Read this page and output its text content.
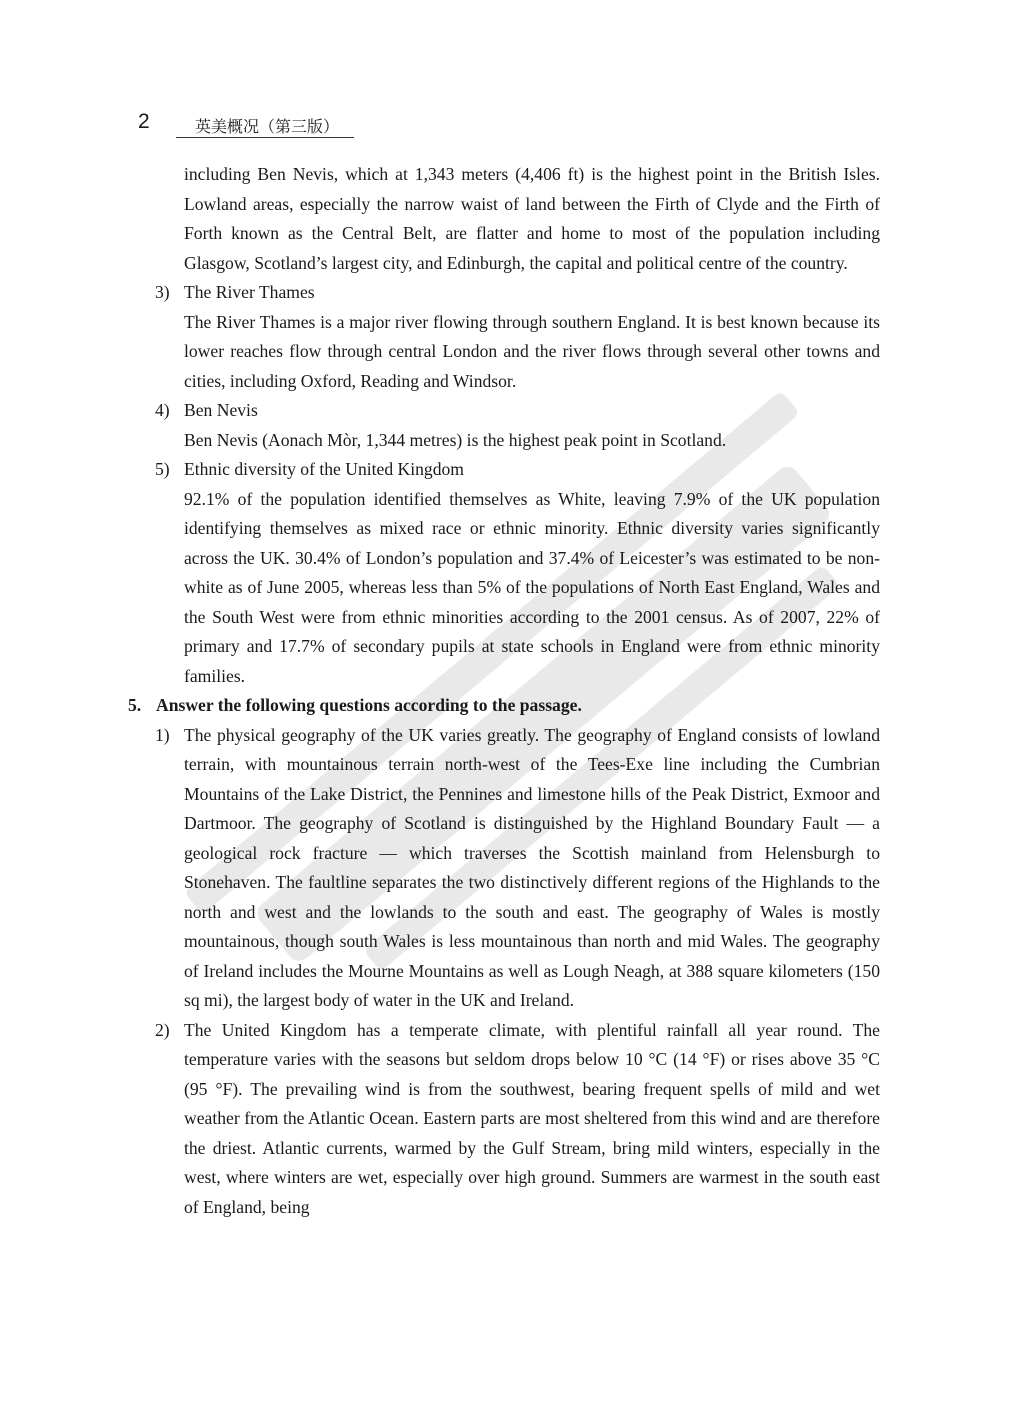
2	英美概况（第三版）

including Ben Nevis, which at 1,343 meters (4,406 ft) is the highest point in the British Isles. Lowland areas, especially the narrow waist of land between the Firth of Clyde and the Firth of Forth known as the Central Belt, are flatter and home to most of the population including Glasgow, Scotland’s largest city, and Edinburgh, the capital and political centre of the country.

3) The River Thames

The River Thames is a major river flowing through southern England. It is best known because its lower reaches flow through central London and the river flows through several other towns and cities, including Oxford, Reading and Windsor.

4) Ben Nevis

Ben Nevis (Aonach Mòr, 1,344 metres) is the highest peak point in Scotland.

5) Ethnic diversity of the United Kingdom

92.1% of the population identified themselves as White, leaving 7.9% of the UK population identifying themselves as mixed race or ethnic minority. Ethnic diversity varies significantly across the UK. 30.4% of London’s population and 37.4% of Leicester’s was estimated to be non-white as of June 2005, whereas less than 5% of the populations of North East England, Wales and the South West were from ethnic minorities according to the 2001 census. As of 2007, 22% of primary and 17.7% of secondary pupils at state schools in England were from ethnic minority families.

5. Answer the following questions according to the passage.
1) The physical geography of the UK varies greatly. The geography of England consists of lowland terrain, with mountainous terrain north-west of the Tees-Exe line including the Cumbrian Mountains of the Lake District, the Pennines and limestone hills of the Peak District, Exmoor and Dartmoor. The geography of Scotland is distinguished by the Highland Boundary Fault — a geological rock fracture — which traverses the Scottish mainland from Helensburgh to Stonehaven. The faultline separates the two distinctively different regions of the Highlands to the north and west and the lowlands to the south and east. The geography of Wales is mostly mountainous, though south Wales is less mountainous than north and mid Wales. The geography of Ireland includes the Mourne Mountains as well as Lough Neagh, at 388 square kilometers (150 sq mi), the largest body of water in the UK and Ireland.
2) The United Kingdom has a temperate climate, with plentiful rainfall all year round. The temperature varies with the seasons but seldom drops below 10 °C (14 °F) or rises above 35 °C (95 °F). The prevailing wind is from the southwest, bearing frequent spells of mild and wet weather from the Atlantic Ocean. Eastern parts are most sheltered from this wind and are therefore the driest. Atlantic currents, warmed by the Gulf Stream, bring mild winters, especially in the west, where winters are wet, especially over high ground. Summers are warmest in the south east of England, being
